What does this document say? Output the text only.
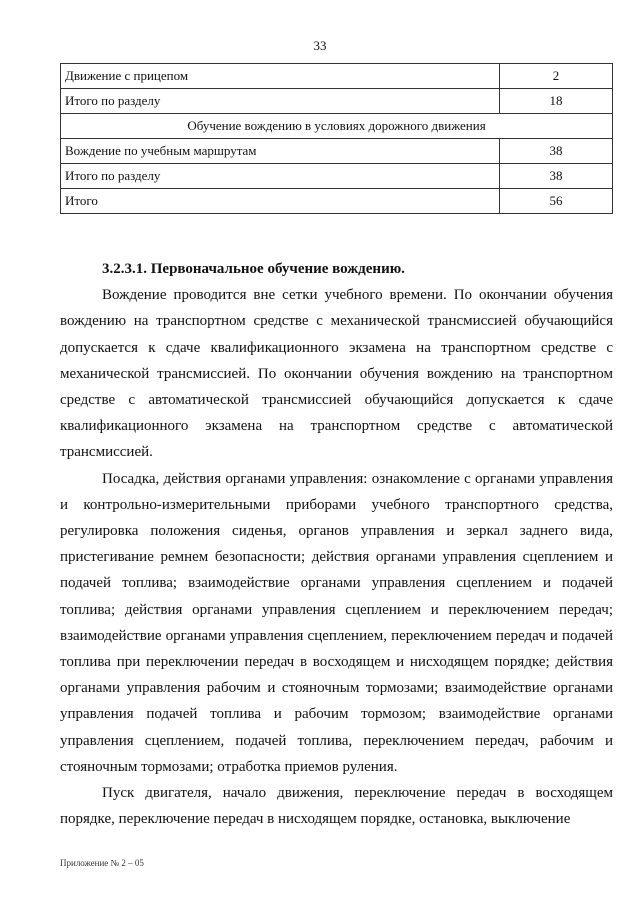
33
Движение с прицепом	2
Итого по разделу	18
Обучение вождению в условиях дорожного движения	
Вождение по учебным маршрутам	38
Итого по разделу	38
Итого	56

3.2.3.1. Первоначальное обучение вождению.

Вождение проводится вне сетки учебного времени. По окончании обучения вождению на транспортном средстве с механической трансмиссией обучающийся допускается к сдаче квалификационного экзамена на транспортном средстве с механической трансмиссией. По окончании обучения вождению на транспортном средстве с автоматической трансмиссией обучающийся допускается к сдаче квалификационного экзамена на транспортном средстве с автоматической трансмиссией.

Посадка, действия органами управления: ознакомление с органами управления и контрольно-измерительными приборами учебного транспортного средства, регулировка положения сиденья, органов управления и зеркал заднего вида, пристегивание ремнем безопасности; действия органами управления сцеплением и подачей топлива; взаимодействие органами управления сцеплением и подачей топлива; действия органами управления сцеплением и переключением передач; взаимодействие органами управления сцеплением, переключением передач и подачей топлива при переключении передач в восходящем и нисходящем порядке; действия органами управления рабочим и стояночным тормозами; взаимодействие органами управления подачей топлива и рабочим тормозом; взаимодействие органами управления сцеплением, подачей топлива, переключением передач, рабочим и стояночным тормозами; отработка приемов руления.

Пуск двигателя, начало движения, переключение передач в восходящем порядке, переключение передач в нисходящем порядке, остановка, выключение

Приложение № 2 – 05
